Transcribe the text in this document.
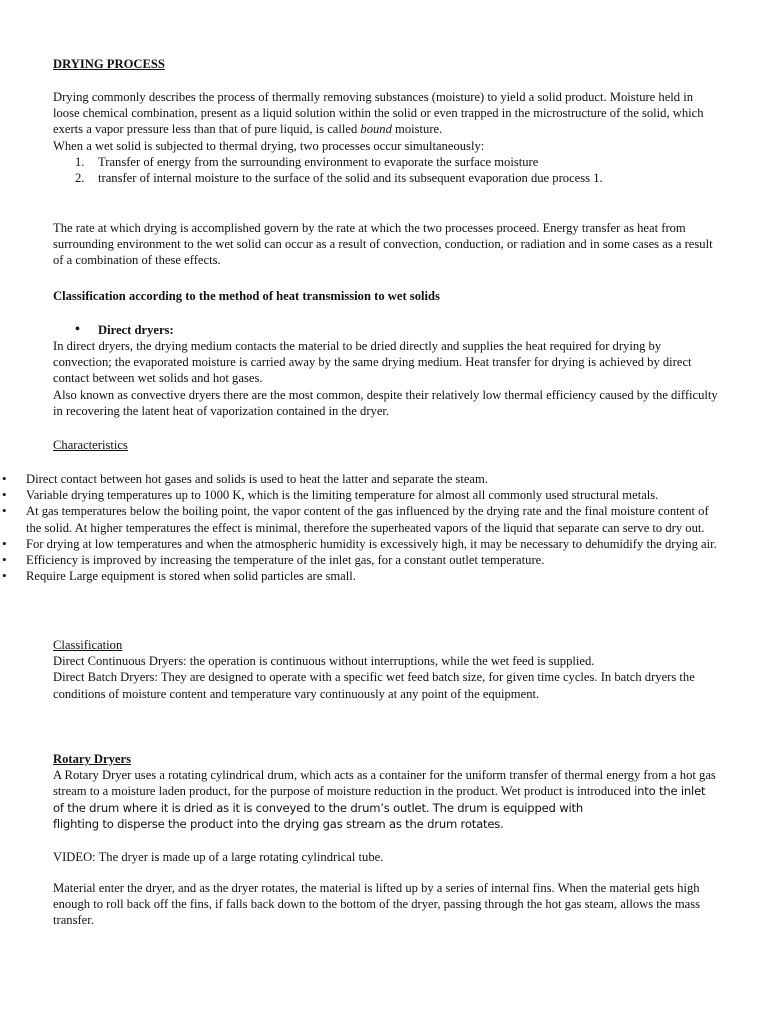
DRYING PROCESS

Drying commonly describes the process of thermally removing substances (moisture) to yield a solid product. Moisture held in loose chemical combination, present as a liquid solution within the solid or even trapped in the microstructure of the solid, which exerts a vapor pressure less than that of pure liquid, is called bound moisture.

When a wet solid is subjected to thermal drying, two processes occur simultaneously:

1. Transfer of energy from the surrounding environment to evaporate the surface moisture
2. transfer of internal moisture to the surface of the solid and its subsequent evaporation due process 1.

The rate at which drying is accomplished govern by the rate at which the two processes proceed. Energy transfer as heat from surrounding environment to the wet solid can occur as a result of convection, conduction, or radiation and in some cases as a result of a combination of these effects.

Classification according to the method of heat transmission to wet solids

• Direct dryers:

In direct dryers, the drying medium contacts the material to be dried directly and supplies the heat required for drying by convection; the evaporated moisture is carried away by the same drying medium. Heat transfer for drying is achieved by direct contact between wet solids and hot gases.

Also known as convective dryers there are the most common, despite their relatively low thermal efficiency caused by the difficulty in recovering the latent heat of vaporization contained in the dryer.

Characteristics

• Direct contact between hot gases and solids is used to heat the latter and separate the steam.
• Variable drying temperatures up to 1000 K, which is the limiting temperature for almost all commonly used structural metals.
• At gas temperatures below the boiling point, the vapor content of the gas influenced by the drying rate and the final moisture content of the solid. At higher temperatures the effect is minimal, therefore the superheated vapors of the liquid that separate can serve to dry out.
• For drying at low temperatures and when the atmospheric humidity is excessively high, it may be necessary to dehumidify the drying air.
• Efficiency is improved by increasing the temperature of the inlet gas, for a constant outlet temperature.
• Require Large equipment is stored when solid particles are small.

Classification

Direct Continuous Dryers: the operation is continuous without interruptions, while the wet feed is supplied.

Direct Batch Dryers: They are designed to operate with a specific wet feed batch size, for given time cycles. In batch dryers the conditions of moisture content and temperature vary continuously at any point of the equipment.

Rotary Dryers

A Rotary Dryer uses a rotating cylindrical drum, which acts as a container for the uniform transfer of thermal energy from a hot gas stream to a moisture laden product, for the purpose of moisture reduction in the product. Wet product is introduced into the inlet of the drum where it is dried as it is conveyed to the drum’s outlet. The drum is equipped with
flighting to disperse the product into the drying gas stream as the drum rotates.

VIDEO: The dryer is made up of a large rotating cylindrical tube.

Material enter the dryer, and as the dryer rotates, the material is lifted up by a series of internal fins. When the material gets high enough to roll back off the fins, if falls back down to the bottom of the dryer, passing through the hot gas steam, allows the mass transfer.
